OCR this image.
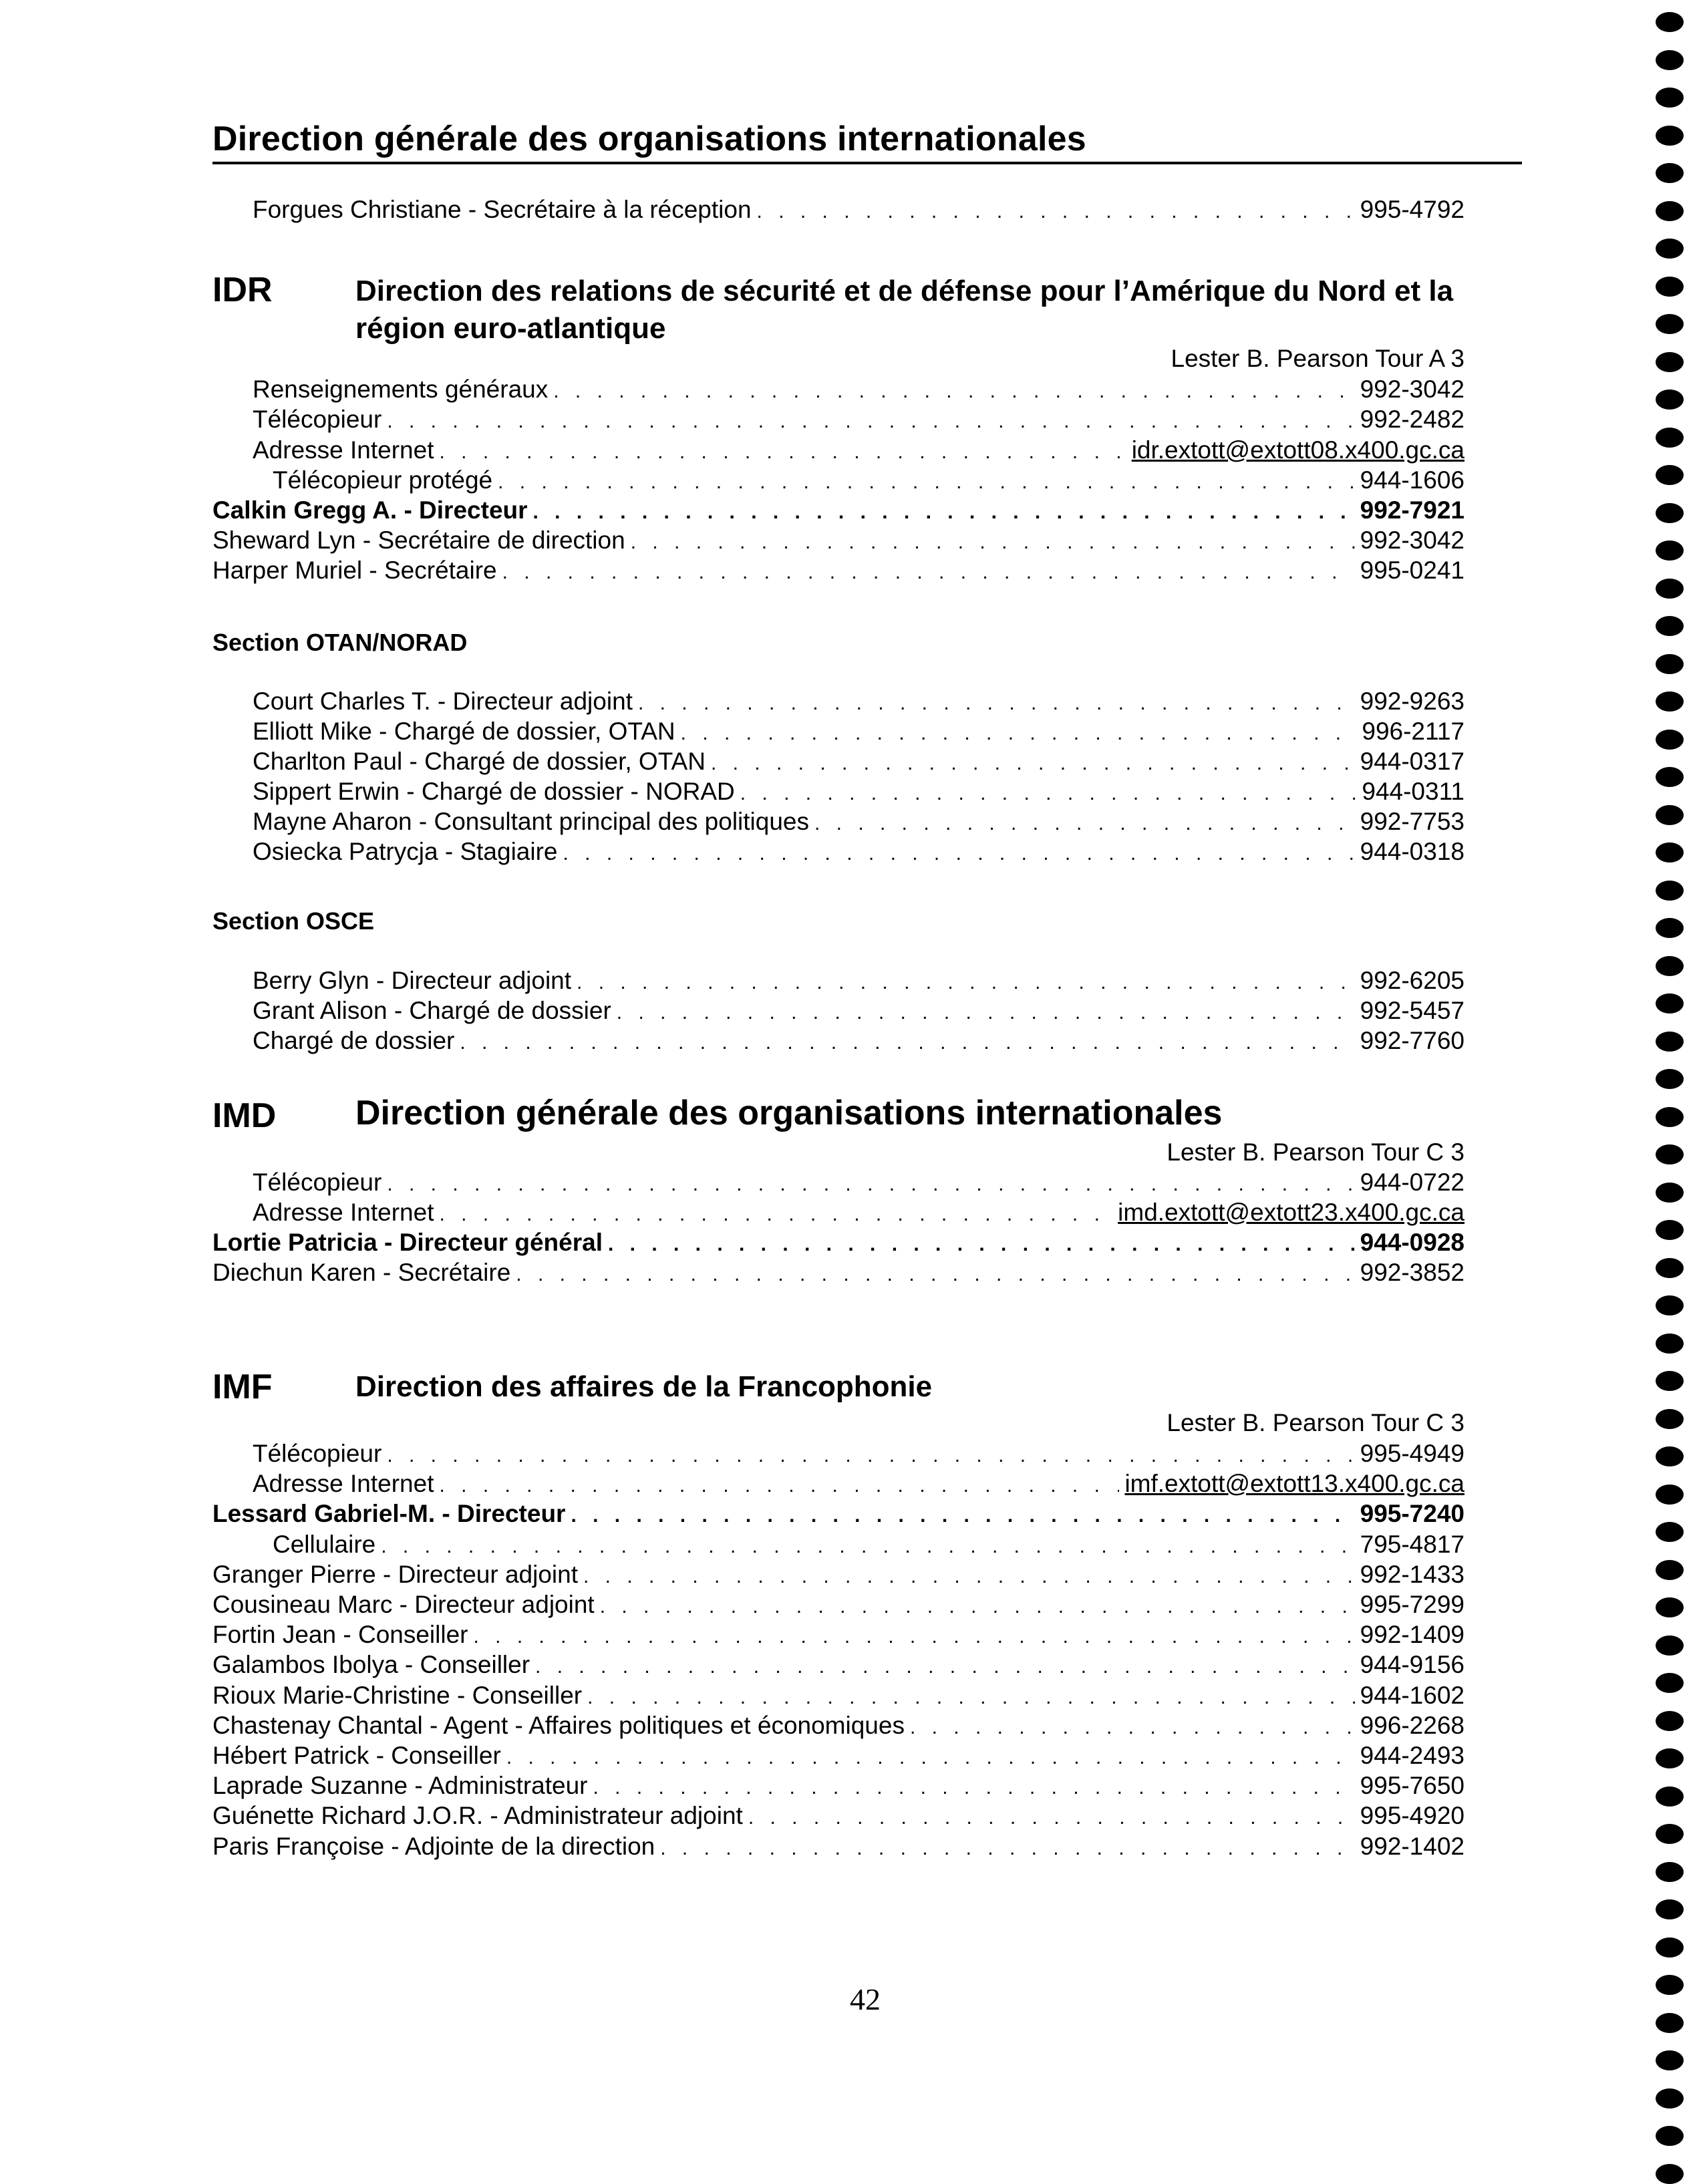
Direction générale des organisations internationales
Forgues Christiane - Secrétaire à la réception . . .	995-4792
IDR	Direction des relations de sécurité et de défense pour l’Amérique du Nord et la région euro-atlantique
Lester B. Pearson Tour A 3
Renseignements généraux . . .	992-3042
Télécopieur . . .	992-2482
Adresse Internet . . .	idr.extott@extott08.x400.gc.ca
Télécopieur protégé . . .	944-1606
Calkin Gregg A. - Directeur . . .	992-7921
Sheward Lyn - Secrétaire de direction . . .	992-3042
Harper Muriel - Secrétaire . . .	995-0241
Section OTAN/NORAD
Court Charles T. - Directeur adjoint . . .	992-9263
Elliott Mike - Chargé de dossier, OTAN . . .	996-2117
Charlton Paul - Chargé de dossier, OTAN . . .	944-0317
Sippert Erwin - Chargé de dossier - NORAD . . .	944-0311
Mayne Aharon - Consultant principal des politiques . . .	992-7753
Osiecka Patrycja - Stagiaire . . .	944-0318
Section OSCE
Berry Glyn - Directeur adjoint . . .	992-6205
Grant Alison - Chargé de dossier . . .	992-5457
Chargé de dossier . . .	992-7760
IMD Direction générale des organisations internationales
Lester B. Pearson Tour C 3
Télécopieur . . .	944-0722
Adresse Internet . . .	imd.extott@extott23.x400.gc.ca
Lortie Patricia - Directeur général . . .	944-0928
Diechun Karen - Secrétaire . . .	992-3852
IMF	Direction des affaires de la Francophonie
Lester B. Pearson Tour C 3
Télécopieur . . .	995-4949
Adresse Internet . . .	imf.extott@extott13.x400.gc.ca
Lessard Gabriel-M. - Directeur . . .	995-7240
Cellulaire . . .	795-4817
Granger Pierre - Directeur adjoint . . .	992-1433
Cousineau Marc - Directeur adjoint . . .	995-7299
Fortin Jean - Conseiller . . .	992-1409
Galambos Ibolya - Conseiller . . .	944-9156
Rioux Marie-Christine - Conseiller . . .	944-1602
Chastenay Chantal - Agent - Affaires politiques et économiques . . .	996-2268
Hébert Patrick - Conseiller . . .	944-2493
Laprade Suzanne - Administrateur . . .	995-7650
Guénette Richard J.O.R. - Administrateur adjoint . . .	995-4920
Paris Françoise - Adjointe de la direction . . .	992-1402
42
